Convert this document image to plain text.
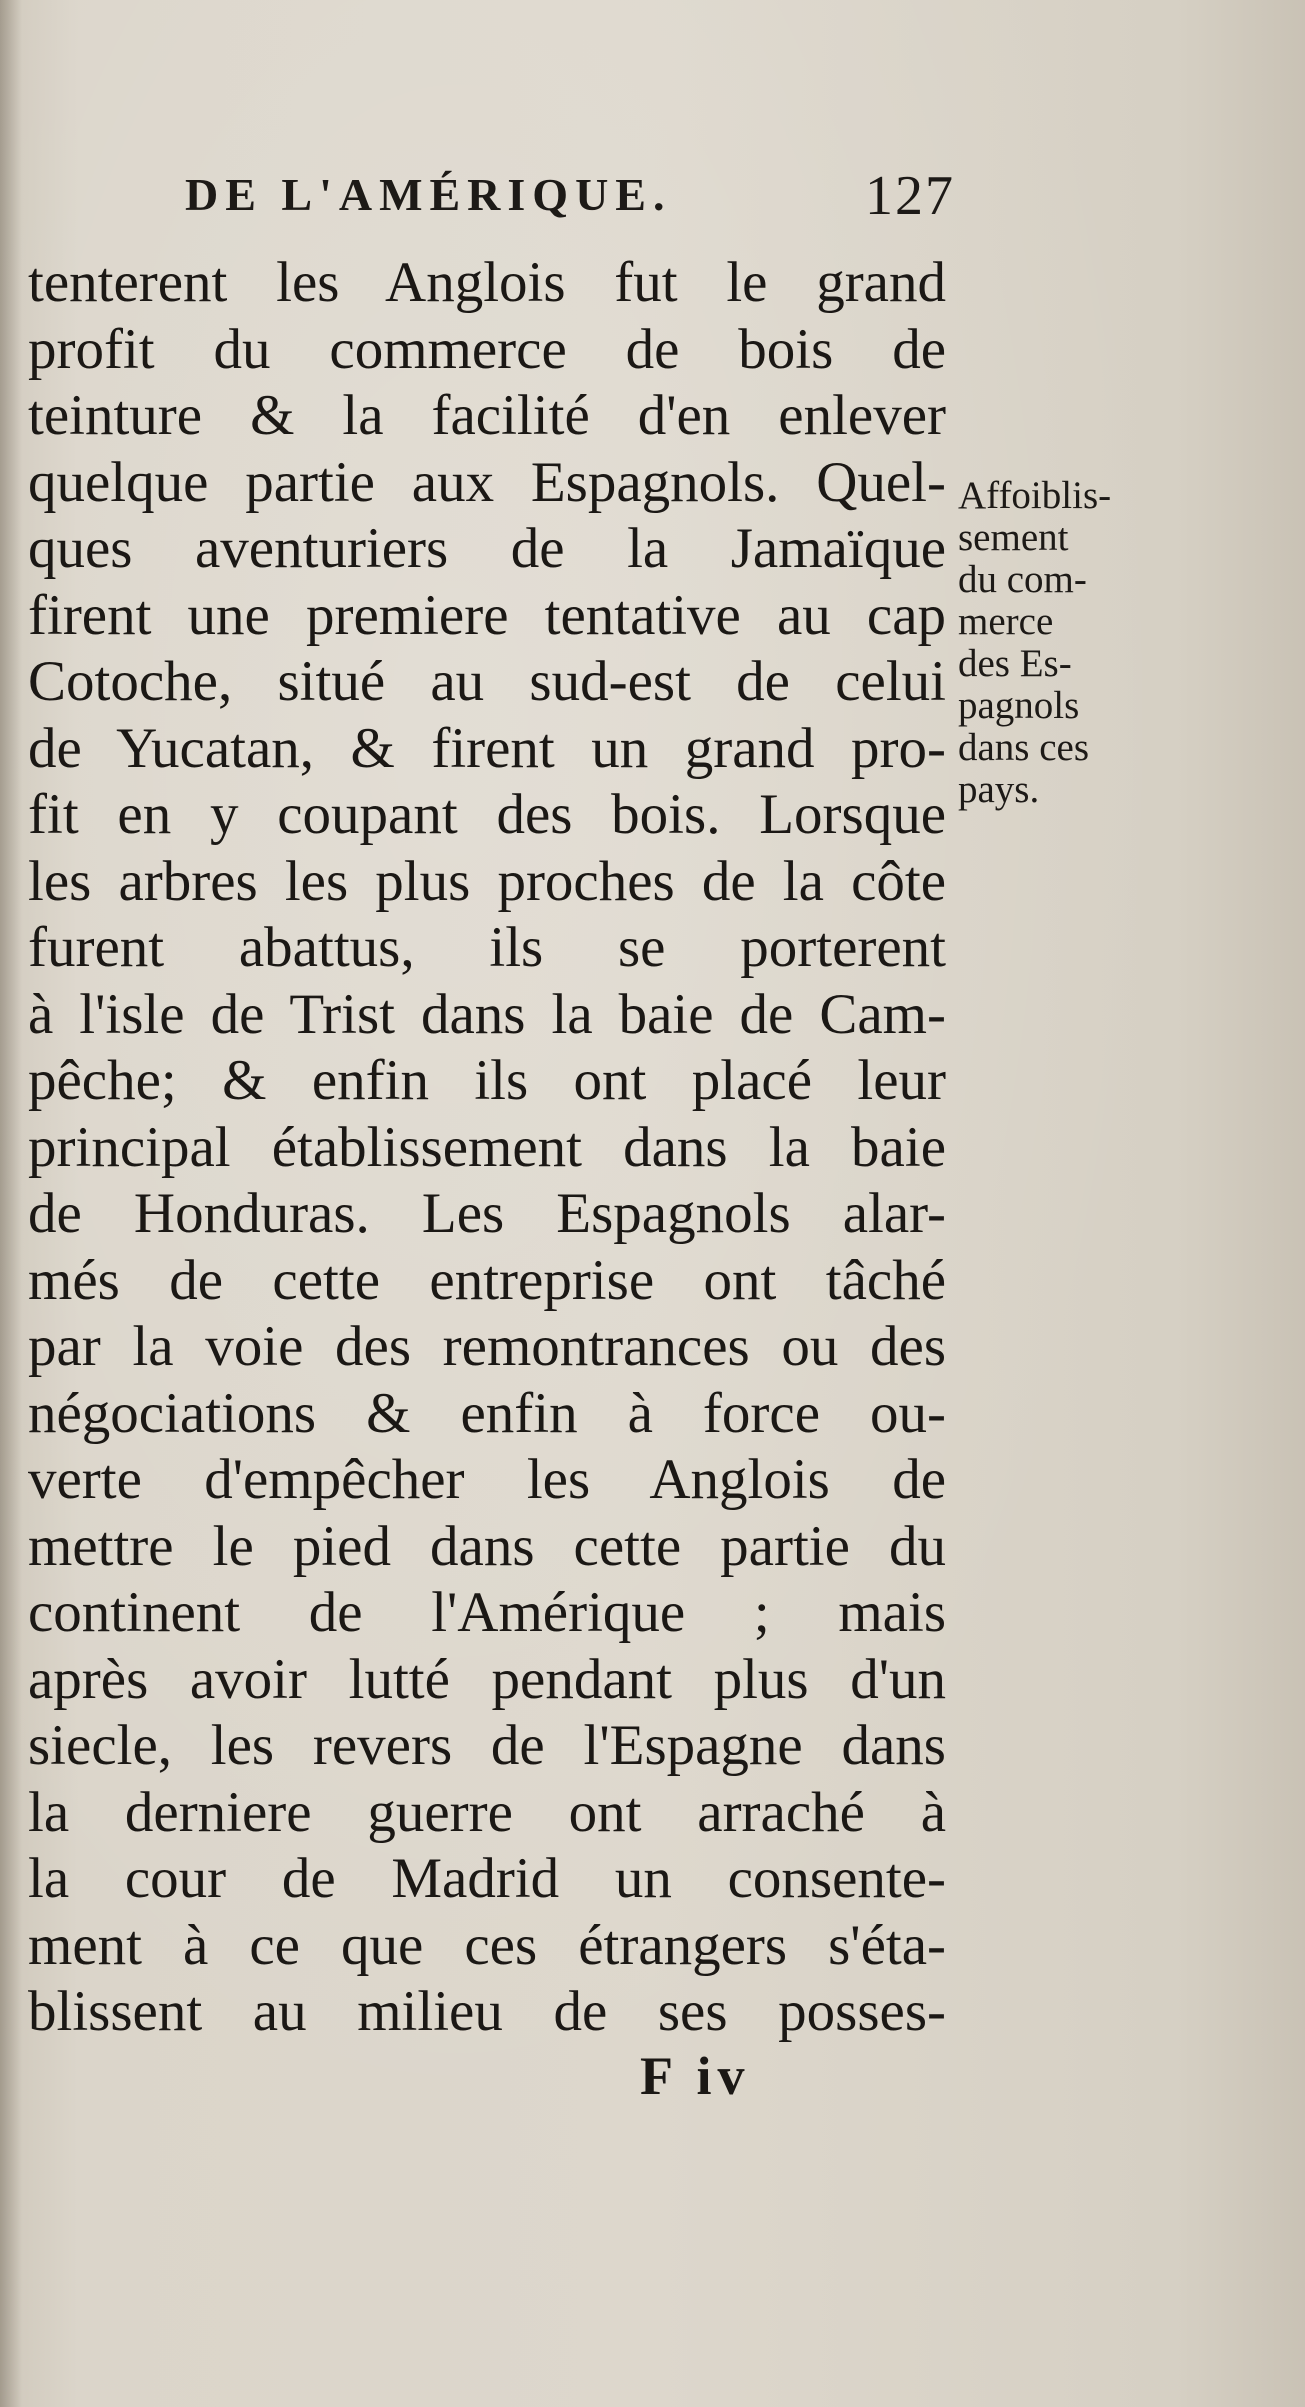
DE L'AMÉRIQUE.	127
tenterent les Anglois fut le grand
profit du commerce de bois de
teinture & la facilité d'en enlever
quelque partie aux Espagnols. Quel-
ques aventuriers de la Jamaïque
firent une premiere tentative au cap
Cotoche, situé au sud-est de celui
de Yucatan, & firent un grand pro-
fit en y coupant des bois. Lorsque
les arbres les plus proches de la côte
furent abattus, ils se porterent
à l'isle de Trist dans la baie de Cam-
pêche; & enfin ils ont placé leur
principal établissement dans la baie
de Honduras. Les Espagnols alar-
més de cette entreprise ont tâché
par la voie des remontrances ou des
négociations & enfin à force ou-
verte d'empêcher les Anglois de
mettre le pied dans cette partie du
continent de l'Amérique ; mais
après avoir lutté pendant plus d'un
siecle, les revers de l'Espagne dans
la derniere guerre ont arraché à
la cour de Madrid un consente-
ment à ce que ces étrangers s'éta-
blissent au milieu de ses posses-
Affoiblis-
sement
du com-
merce
des Es-
pagnols
dans ces
pays.
F iv
